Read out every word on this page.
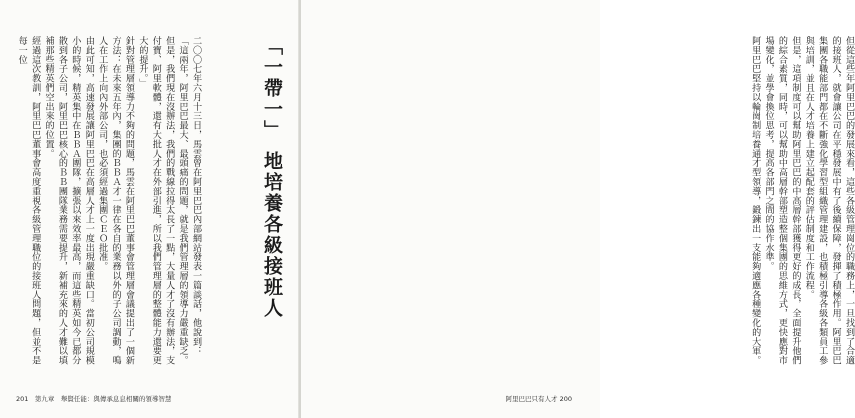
「一帶一」地培養各級接班人

二〇〇七年六月十三日，馬雲曾在阿里巴巴內部網站發表一篇談話，他說到：「這兩年，阿里巴巴最大、最頭痛的問題，就是我們管理層的領導力嚴重缺乏。但是，我們現在沒辦法，我們的戰線拉得太長了一點，大量人才了沒有辦法，支付寶、阿里軟體，還有大批人才在外部引進，所以我們管理層的整體能力還要更大的提升。」

針對管理層領導力不夠的問題，馬雲在阿里巴巴董事會管理層會議提出了一個新方法：在未來五年內，集團的ＢＢＡ才一律在各自的業務以外的子公司調動，鳴人在工作上向內外部公司，也必須經過集團ＣＥＯ批准。

由此可知，高速發展讓阿里巴巴在高層人才上一度出現嚴重缺口。當初公司規模小的時候，精英集中在ＢＢＡ團隊，擴張以來效率最高，而這些精英如今已都分散到各子公司，阿里巴巴核心的ＢＢ團隊業務需要提升，新補充來的人才難以填補那些精英們空出來的位置。

經過這次教訓，阿里巴巴董事會高度重視各級管理職位的接班人問題，但並不是每一位

201　第九章　舉賢任能：與傳承息息相關的領導智慧

但從這些年阿里巴巴的發展來看，這些各級管理崗位的職務上，一旦找到了合適的接班人，就會讓公司在平穩發展中有了後續保障，發揮了積極作用。阿里巴巴集團各職能部門都在不斷強化學習型組織管理建設，也積極引導各級各類員工參與培訓，並且在人才培養上建立起配套的評估制度和工作流程。

但是，這項制度可以幫助阿里巴巴的中高層幹部獲得更好的成長，全面提升他們的綜合素質，同時，可以幫助中高層幹部塑造整個集團的思維方式，更快應對市場變化，並學會換位思考，提高各部門之間的協作水準。

阿里巴巴堅持以輪崗制培養通才型領導，鍛鍊出一支能夠適應各種變化的大軍。

阿里巴巴只有人才 200
